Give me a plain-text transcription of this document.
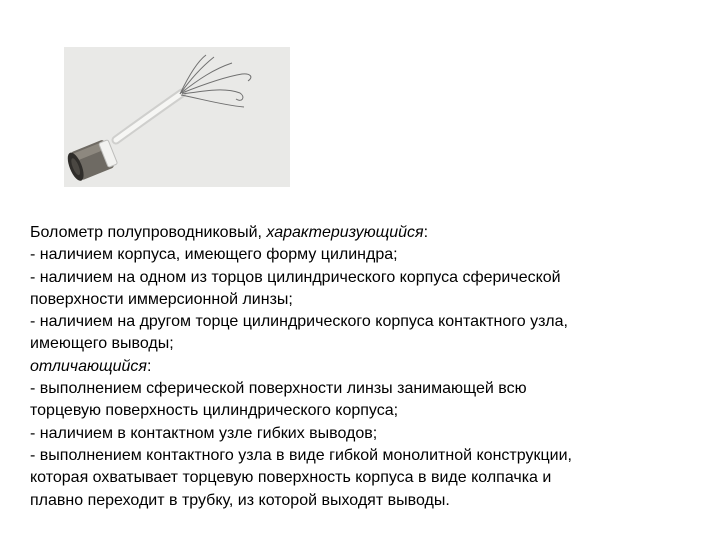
Болометр полупроводниковый, характеризующийся:
- наличием корпуса, имеющего форму цилиндра;
- наличием на одном из торцов цилиндрического корпуса сферической
поверхности иммерсионной линзы;
- наличием на другом торце цилиндрического корпуса контактного узла,
имеющего выводы;
отличающийся:
- выполнением сферической поверхности линзы занимающей всю
торцевую поверхность цилиндрического корпуса;
- наличием в контактном узле гибких выводов;
- выполнением контактного узла в виде гибкой монолитной конструкции,
которая охватывает торцевую поверхность корпуса в виде колпачка и
плавно переходит в трубку, из которой выходят выводы.
